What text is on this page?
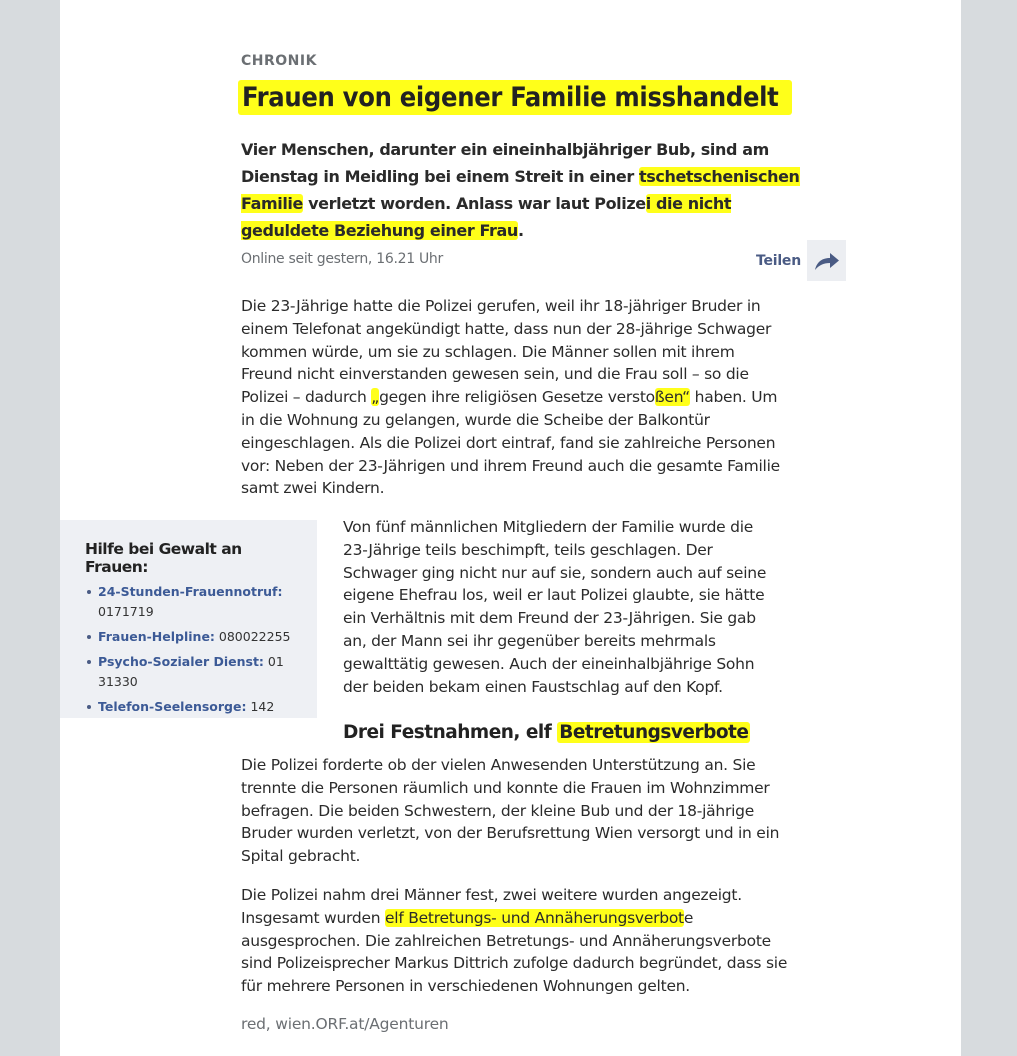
CHRONIK
Frauen von eigener Familie misshandelt

Vier Menschen, darunter ein eineinhalbjähriger Bub, sind am Dienstag in Meidling bei einem Streit in einer tschetschenischen Familie verletzt worden. Anlass war laut Polizei die nicht geduldete Beziehung einer Frau.

Online seit gestern, 16.21 Uhr	Teilen

Die 23-Jährige hatte die Polizei gerufen, weil ihr 18-jähriger Bruder in einem Telefonat angekündigt hatte, dass nun der 28-jährige Schwager kommen würde, um sie zu schlagen. Die Männer sollen mit ihrem Freund nicht einverstanden gewesen sein, und die Frau soll – so die Polizei – dadurch „gegen ihre religiösen Gesetze verstoßen“ haben. Um in die Wohnung zu gelangen, wurde die Scheibe der Balkontür eingeschlagen. Als die Polizei dort eintraf, fand sie zahlreiche Personen vor: Neben der 23-Jährigen und ihrem Freund auch die gesamte Familie samt zwei Kindern.

Hilfe bei Gewalt an Frauen:
24-Stunden-Frauennotruf:
0171719
Frauen-Helpline: 080022255
Psycho-Sozialer Dienst: 01 31330
Telefon-Seelensorge: 142

Von fünf männlichen Mitgliedern der Familie wurde die 23-Jährige teils beschimpft, teils geschlagen. Der Schwager ging nicht nur auf sie, sondern auch auf seine eigene Ehefrau los, weil er laut Polizei glaubte, sie hätte ein Verhältnis mit dem Freund der 23-Jährigen. Sie gab an, der Mann sei ihr gegenüber bereits mehrmals gewalttätig gewesen. Auch der eineinhalbjährige Sohn der beiden bekam einen Faustschlag auf den Kopf.

Drei Festnahmen, elf Betretungsverbote

Die Polizei forderte ob der vielen Anwesenden Unterstützung an. Sie trennte die Personen räumlich und konnte die Frauen im Wohnzimmer befragen. Die beiden Schwestern, der kleine Bub und der 18-jährige Bruder wurden verletzt, von der Berufsrettung Wien versorgt und in ein Spital gebracht.

Die Polizei nahm drei Männer fest, zwei weitere wurden angezeigt. Insgesamt wurden elf Betretungs- und Annäherungsverbote ausgesprochen. Die zahlreichen Betretungs- und Annäherungsverbote sind Polizeisprecher Markus Dittrich zufolge dadurch begründet, dass sie für mehrere Personen in verschiedenen Wohnungen gelten.

red, wien.ORF.at/Agenturen
